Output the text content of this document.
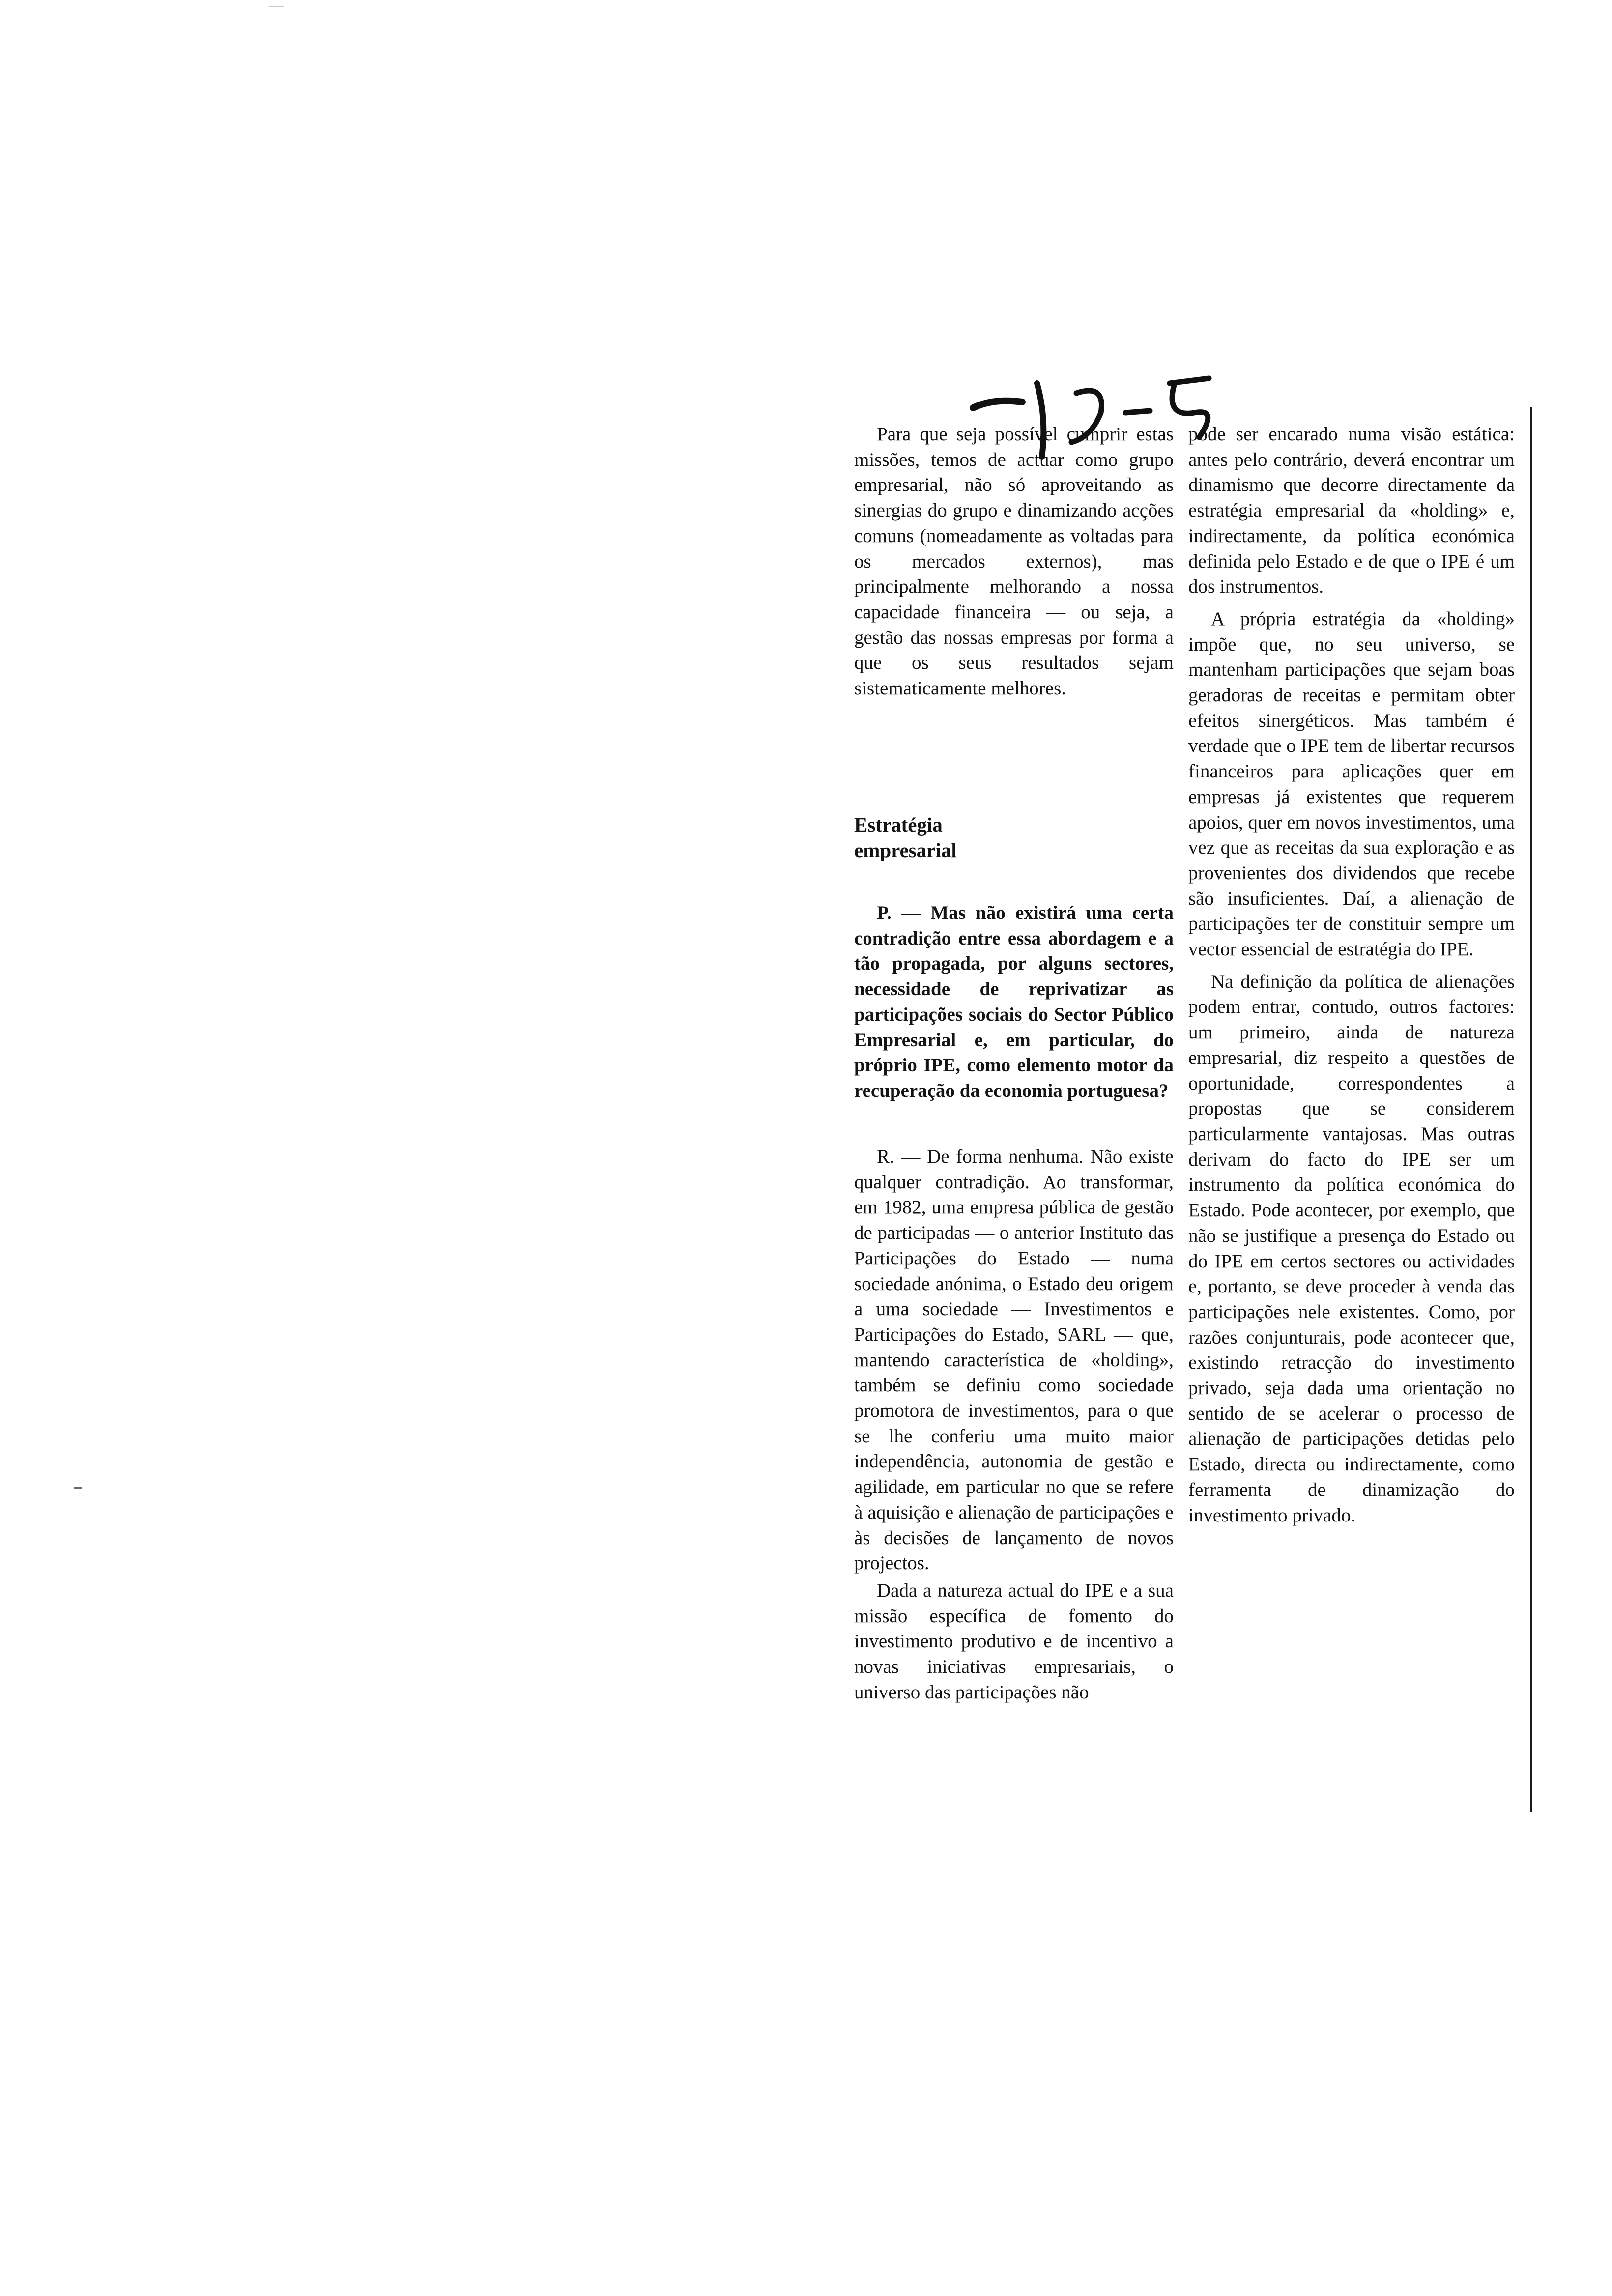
Para que seja possível cumprir estas missões, temos de actuar como grupo empresarial, não só aproveitando as sinergias do grupo e dinamizando acções comuns (nomeadamente as voltadas para os mercados externos), mas principalmente melhorando a nossa capacidade financeira — ou seja, a gestão das nossas empresas por forma a que os seus resultados sejam sistematicamente melhores.

Estratégia empresarial

P. — Mas não existirá uma certa contradição entre essa abordagem e a tão propagada, por alguns sectores, necessidade de reprivatizar as participações sociais do Sector Público Empresarial e, em particular, do próprio IPE, como elemento motor da recuperação da economia portuguesa?

R. — De forma nenhuma. Não existe qualquer contradição. Ao transformar, em 1982, uma empresa pública de gestão de participadas — o anterior Instituto das Participações do Estado — numa sociedade anónima, o Estado deu origem a uma sociedade — Investimentos e Participações do Estado, SARL — que, mantendo característica de «holding», também se definiu como sociedade promotora de investimentos, para o que se lhe conferiu uma muito maior independência, autonomia de gestão e agilidade, em particular no que se refere à aquisição e alienação de participações e às decisões de lançamento de novos projectos.

Dada a natureza actual do IPE e a sua missão específica de fomento do investimento produtivo e de incentivo a novas iniciativas empresariais, o universo das participações não

pode ser encarado numa visão estática: antes pelo contrário, deverá encontrar um dinamismo que decorre directamente da estratégia empresarial da «holding» e, indirectamente, da política económica definida pelo Estado e de que o IPE é um dos instrumentos.

A própria estratégia da «holding» impõe que, no seu universo, se mantenham participações que sejam boas geradoras de receitas e permitam obter efeitos sinergéticos. Mas também é verdade que o IPE tem de libertar recursos financeiros para aplicações quer em empresas já existentes que requerem apoios, quer em novos investimentos, uma vez que as receitas da sua exploração e as provenientes dos dividendos que recebe são insuficientes. Daí, a alienação de participações ter de constituir sempre um vector essencial de estratégia do IPE.

Na definição da política de alienações podem entrar, contudo, outros factores: um primeiro, ainda de natureza empresarial, diz respeito a questões de oportunidade, correspondentes a propostas que se considerem particularmente vantajosas. Mas outras derivam do facto do IPE ser um instrumento da política económica do Estado. Pode acontecer, por exemplo, que não se justifique a presença do Estado ou do IPE em certos sectores ou actividades e, portanto, se deve proceder à venda das participações nele existentes. Como, por razões conjunturais, pode acontecer que, existindo retracção do investimento privado, seja dada uma orientação no sentido de se acelerar o processo de alienação de participações detidas pelo Estado, directa ou indirectamente, como ferramenta de dinamização do investimento privado.
